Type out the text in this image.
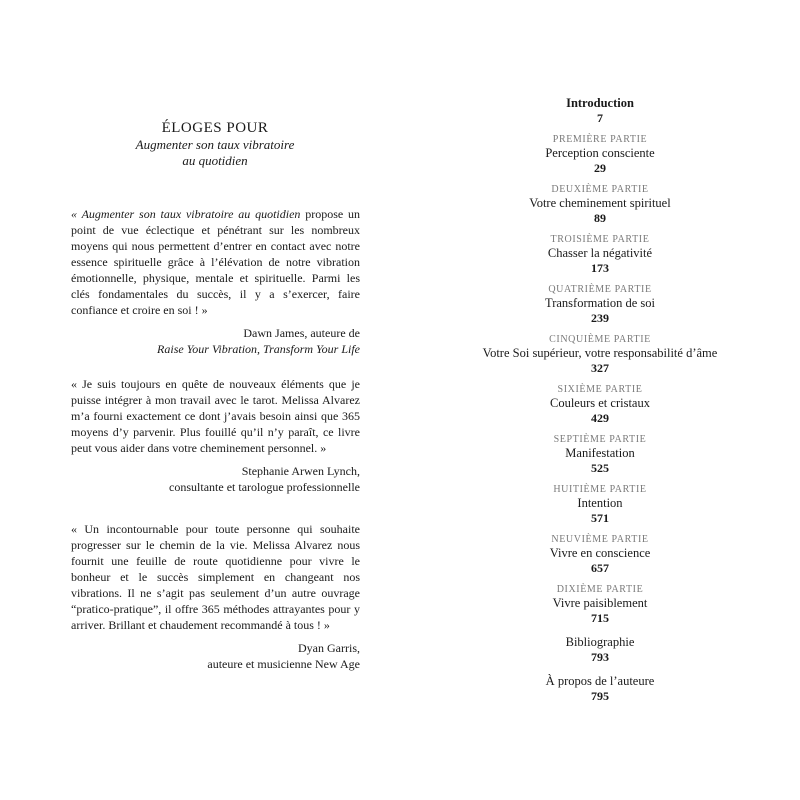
ÉLOGES POUR
Augmenter son taux vibratoire
au quotidien

« Augmenter son taux vibratoire au quotidien propose un point de vue éclectique et pénétrant sur les nombreux moyens qui nous permettent d’entrer en contact avec notre essence spirituelle grâce à l’élévation de notre vibration émotionnelle, physique, mentale et spirituelle. Parmi les clés fondamentales du succès, il y a s’exercer, faire confiance et croire en soi ! »

Dawn James, auteure de
Raise Your Vibration, Transform Your Life

« Je suis toujours en quête de nouveaux éléments que je puisse intégrer à mon travail avec le tarot. Melissa Alvarez m’a fourni exactement ce dont j’avais besoin ainsi que 365 moyens d’y parvenir. Plus fouillé qu’il n’y paraît, ce livre peut vous aider dans votre cheminement personnel. »

Stephanie Arwen Lynch,
consultante et tarologue professionnelle

« Un incontournable pour toute personne qui souhaite progresser sur le chemin de la vie. Melissa Alvarez nous fournit une feuille de route quotidienne pour vivre le bonheur et le succès simplement en changeant nos vibrations. Il ne s’agit pas seulement d’un autre ouvrage “pratico-pratique”, il offre 365 méthodes attrayantes pour y arriver. Brillant et chaudement recommandé à tous ! »

Dyan Garris,
auteure et musicienne New Age
Introduction
7
PREMIÈRE PARTIE
Perception consciente
29
DEUXIÈME PARTIE
Votre cheminement spirituel
89
TROISIÈME PARTIE
Chasser la négativité
173
QUATRIÈME PARTIE
Transformation de soi
239
CINQUIÈME PARTIE
Votre Soi supérieur, votre responsabilité d’âme
327
SIXIÈME PARTIE
Couleurs et cristaux
429
SEPTIÈME PARTIE
Manifestation
525
HUITIÈME PARTIE
Intention
571
NEUVIÈME PARTIE
Vivre en conscience
657
DIXIÈME PARTIE
Vivre paisiblement
715
Bibliographie
793
À propos de l’auteure
795
